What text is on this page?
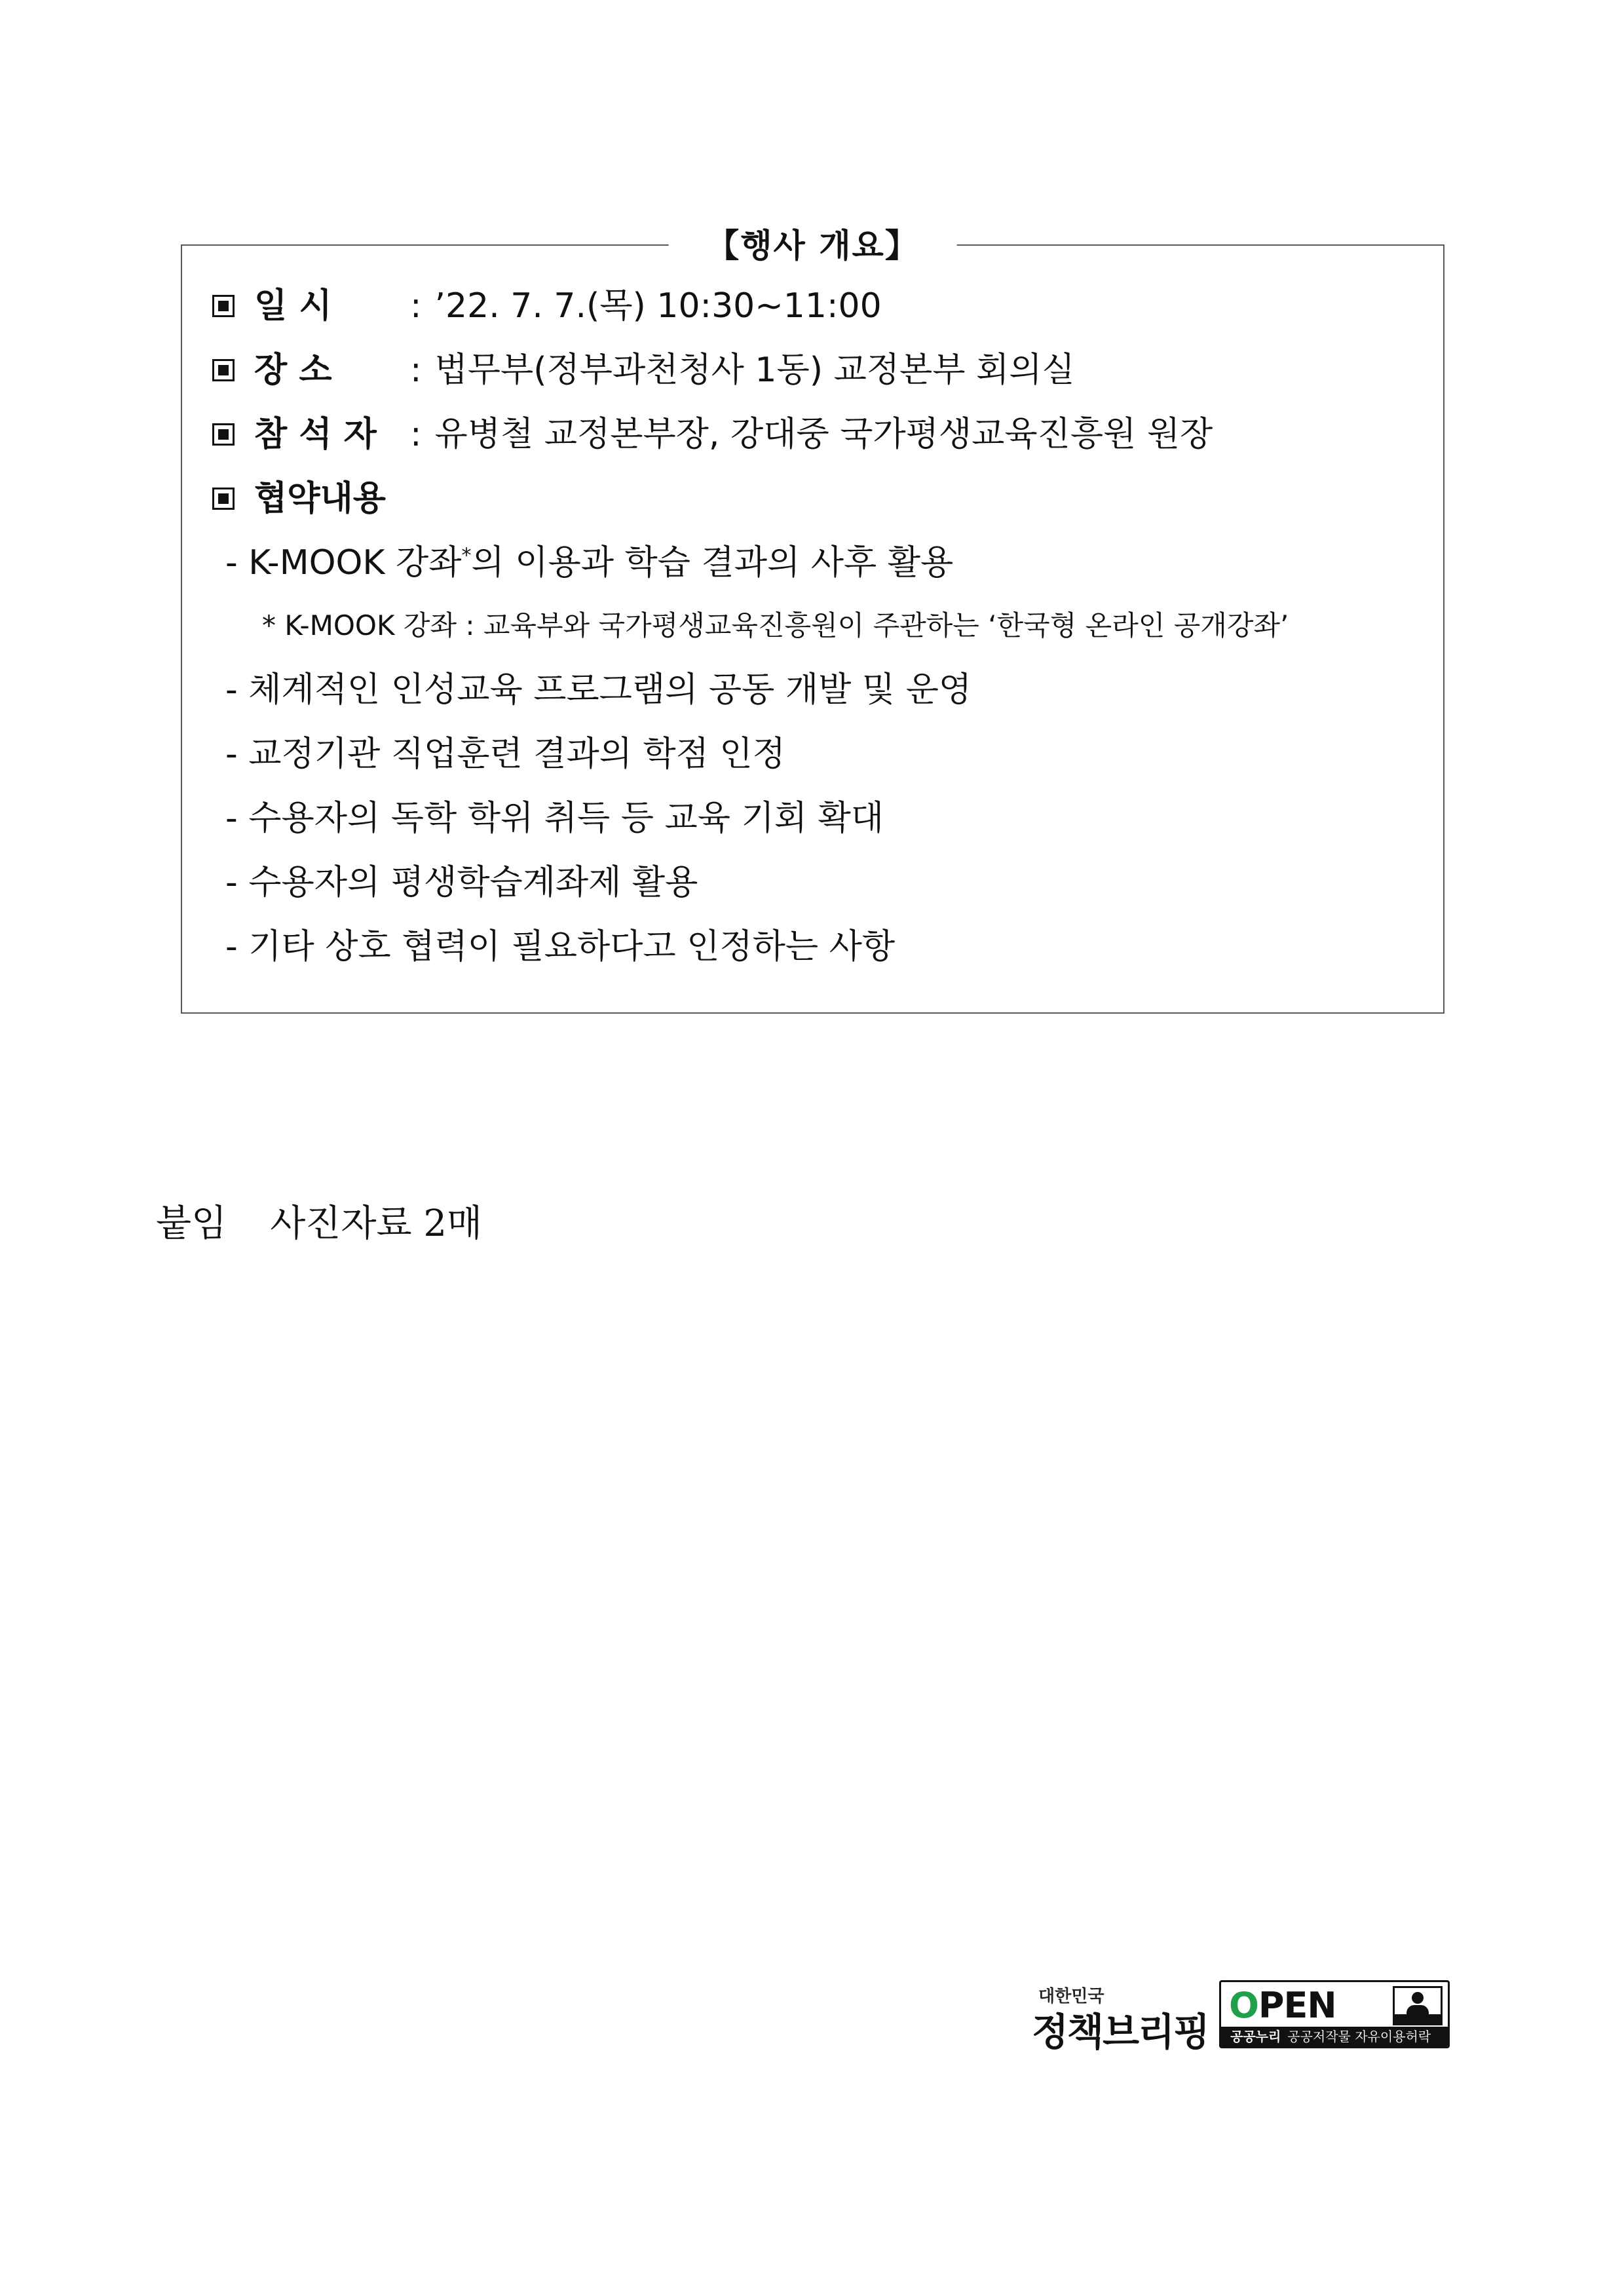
【행사 개요】
일 시 : ’22. 7. 7.(목) 10:30~11:00
장 소 : 법무부(정부과천청사 1동) 교정본부 회의실
참 석 자 : 유병철 교정본부장, 강대중 국가평생교육진흥원 원장
협약내용
- K-MOOK 강좌*의 이용과 학습 결과의 사후 활용
* K-MOOK 강좌 : 교육부와 국가평생교육진흥원이 주관하는 ‘한국형 온라인 공개강좌’
- 체계적인 인성교육 프로그램의 공동 개발 및 운영
- 교정기관 직업훈련 결과의 학점 인정
- 수용자의 독학 학위 취득 등 교육 기회 확대
- 수용자의 평생학습계좌제 활용
- 기타 상호 협력이 필요하다고 인정하는 사항
붙임 사진자료 2매
대한민국
정책브리핑
OPEN
공공누리 공공저작물 자유이용허락
